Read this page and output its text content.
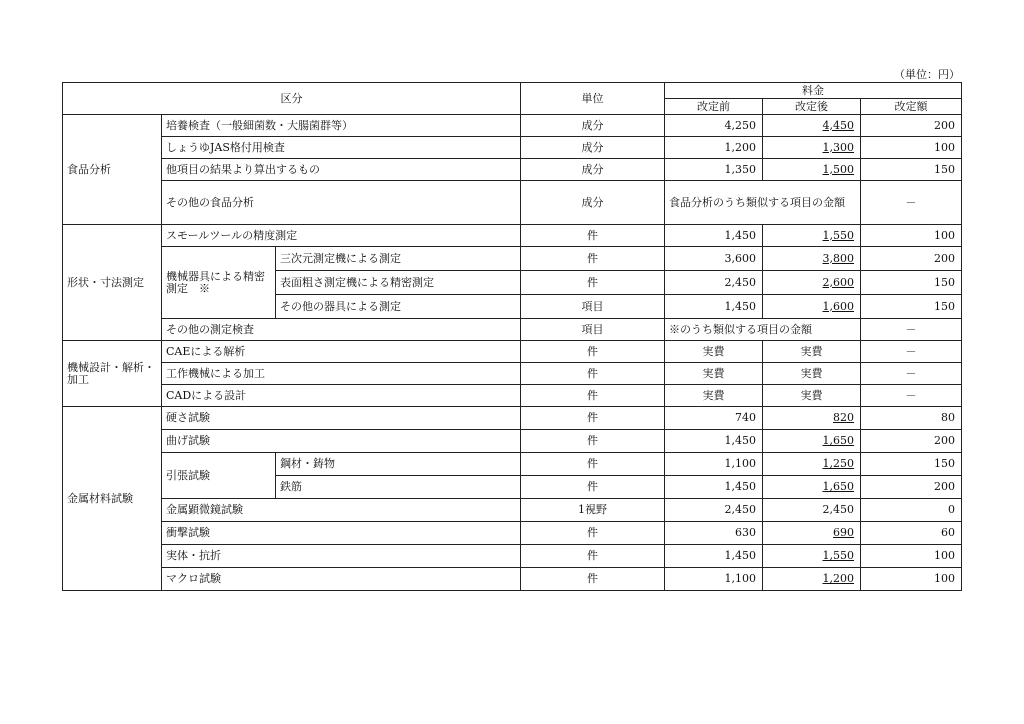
（単位：円）
区分			単位	料金		
				改定前	改定後	改定額
食品分析	培養検査（一般細菌数・大腸菌群等）		成分	4,250	4,450	200
	しょうゆJAS格付用検査		成分	1,200	1,300	100
	他項目の結果より算出するもの		成分	1,350	1,500	150
	その他の食品分析		成分	食品分析のうち類似する項目の金額		－
形状・寸法測定	スモールツールの精度測定		件	1,450	1,550	100
	機械器具による精密測定　※	三次元測定機による測定	件	3,600	3,800	200
		表面粗さ測定機による精密測定	件	2,450	2,600	150
		その他の器具による測定	項目	1,450	1,600	150
	その他の測定検査		項目	※のうち類似する項目の金額		－
機械設計・解析・加工	CAEによる解析		件	実費	実費	－
	工作機械による加工		件	実費	実費	－
	CADによる設計		件	実費	実費	－
金属材料試験	硬さ試験		件	740	820	80
	曲げ試験		件	1,450	1,650	200
	引張試験	鋼材・鋳物	件	1,100	1,250	150
		鉄筋	件	1,450	1,650	200
	金属顕微鏡試験		1視野	2,450	2,450	0
	衝撃試験		件	630	690	60
	実体・抗折		件	1,450	1,550	100
	マクロ試験		件	1,100	1,200	100
